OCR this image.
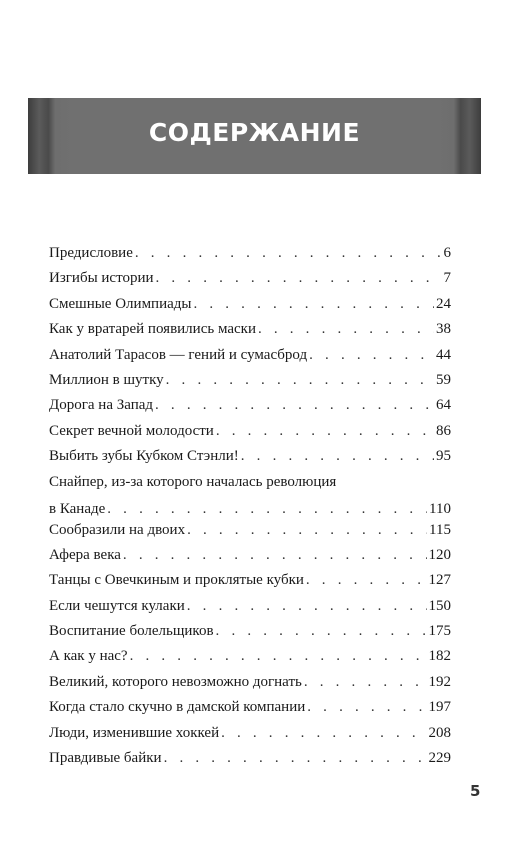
СОДЕРЖАНИЕ
Предисловие . . .	6
Изгибы истории . . .	7
Смешные Олимпиады . . .	24
Как у вратарей появились маски . . .	38
Анатолий Тарасов — гений и сумасброд . . .	44
Миллион в шутку . . .	59
Дорога на Запад . . .	64
Секрет вечной молодости . . .	86
Выбить зубы Кубком Стэнли! . . .	95
Снайпер, из-за которого началась революция
в Канаде . . .	110
Сообразили на двоих . . .	115
Афера века . . .	120
Танцы с Овечкиным и проклятые кубки . . .	127
Если чешутся кулаки . . .	150
Воспитание болельщиков . . .	175
А как у нас? . . .	182
Великий, которого невозможно догнать . . .	192
Когда стало скучно в дамской компании . . .	197
Люди, изменившие хоккей . . .	208
Правдивые байки . . .	229
5
